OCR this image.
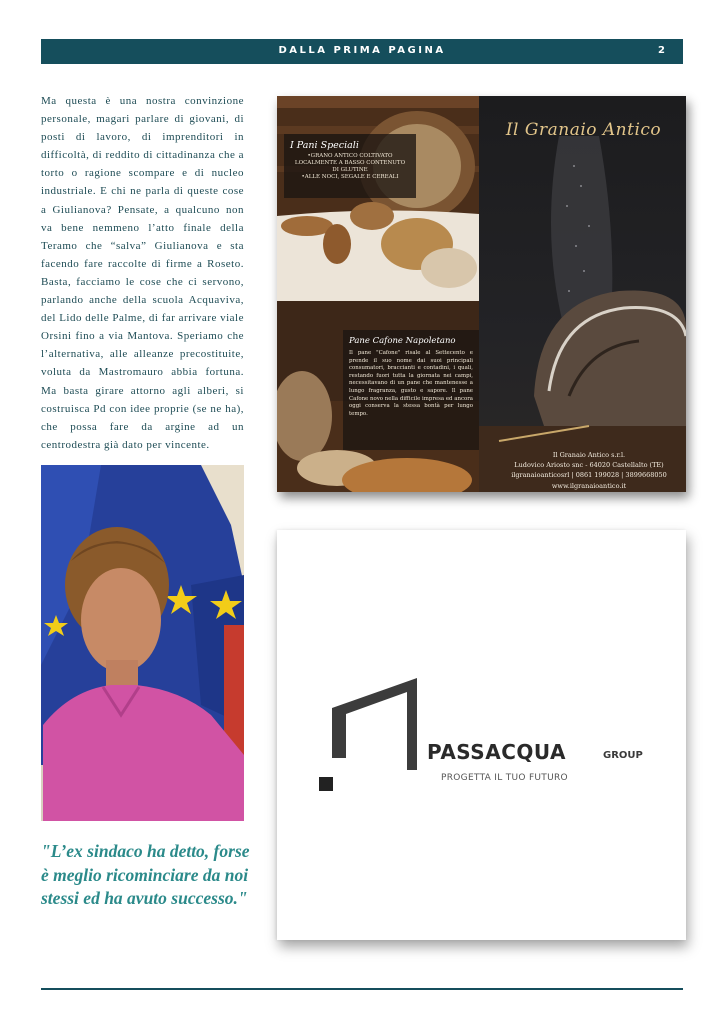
DALLA PRIMA PAGINA	2
Ma questa è una nostra convinzione personale, magari parlare di giovani, di posti di lavoro, di imprenditori in difficoltà, di reddito di cittadinanza che a torto o ragione scompare e di nucleo industriale. E chi ne parla di queste cose a Giulianova? Pensate, a qualcuno non va bene nemmeno l’atto finale della Teramo che “salva” Giulianova e sta facendo fare raccolte di firme a Roseto. Basta, facciamo le cose che ci servono, parlando anche della scuola Acquaviva, del Lido delle Palme, di far arrivare viale Orsini fino a via Mantova. Speriamo che l’alternativa, alle alleanze precostituite, voluta da Mastromauro abbia fortuna. Ma basta girare attorno agli alberi, si costruisca Pd con idee proprie (se ne ha), che possa fare da argine ad un centrodestra già dato per vincente.
"L’ex sindaco ha detto, forse è meglio ricominciare da noi stessi ed ha avuto successo."
Il Granaio Antico
I Pani Speciali
•GRANO ANTICO COLTIVATO LOCALMENTE A BASSO CONTENUTO DI GLUTINE
•ALLE NOCI, SEGALE E CEREALI
Pane Cafone Napoletano
Il pane "Cafone" risale al Settecento e prende il suo nome dai suoi principali consumatori, braccianti e contadini, i quali, restando fuori tutta la giornata nei campi, necessitavano di un pane che mantenesse a lungo fragranza, gusto e sapore. Il pane Cafone novo nella difficile impresa ed ancora oggi conserva la stessa bontà per lungo tempo.
Il Granaio Antico s.r.l.
Ludovico Ariosto snc - 64020 Castellalto (TE)
ilgranaioanticosrl | 0861 199028 | 3899668050
www.ilgranaioantico.it
PASSACQUA	GROUP
PROGETTA IL TUO FUTURO
